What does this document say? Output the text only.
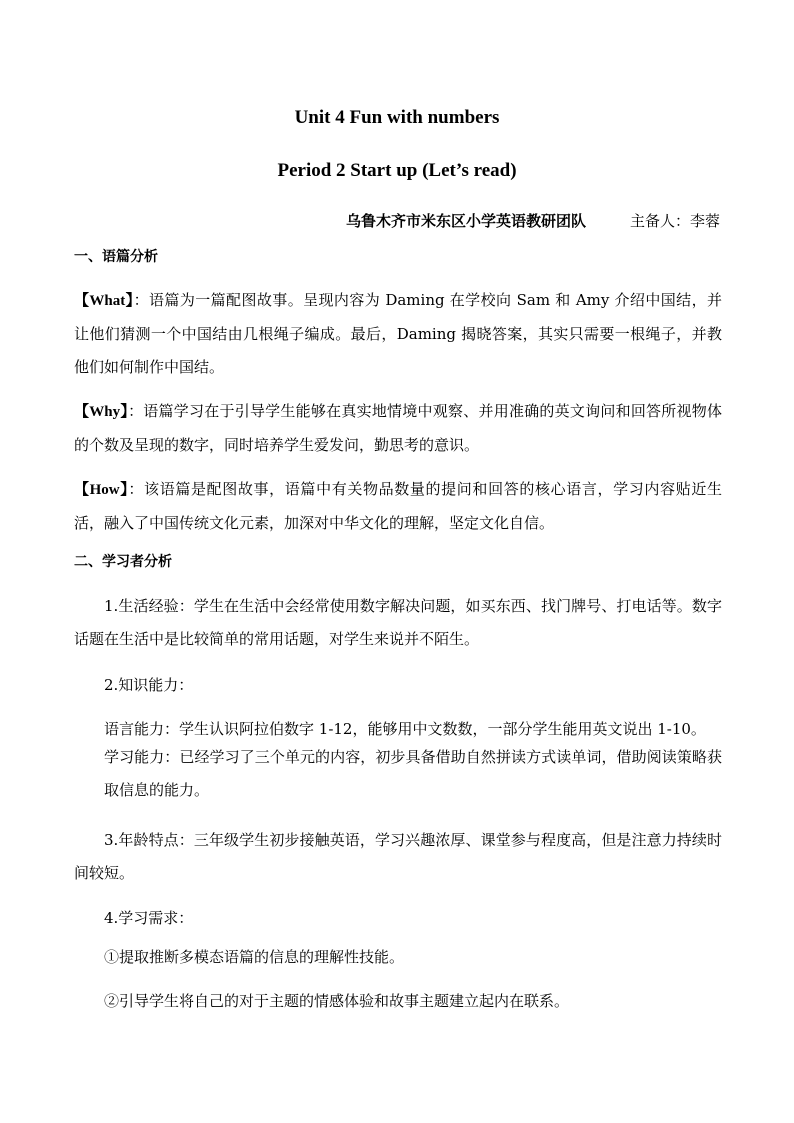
Unit 4 Fun with numbers
Period 2 Start up (Let’s read)
乌鲁木齐市米东区小学英语教研团队	主备人：李蓉
一、语篇分析

【What】：语篇为一篇配图故事。呈现内容为 Daming 在学校向 Sam 和 Amy 介绍中国结，并让他们猜测一个中国结由几根绳子编成。最后，Daming 揭晓答案，其实只需要一根绳子，并教他们如何制作中国结。

【Why】：语篇学习在于引导学生能够在真实地情境中观察、并用准确的英文询问和回答所视物体的个数及呈现的数字，同时培养学生爱发问，勤思考的意识。

【How】：该语篇是配图故事，语篇中有关物品数量的提问和回答的核心语言，学习内容贴近生活，融入了中国传统文化元素，加深对中华文化的理解，坚定文化自信。

二、学习者分析

1.生活经验：学生在生活中会经常使用数字解决问题，如买东西、找门牌号、打电话等。数字话题在生活中是比较简单的常用话题，对学生来说并不陌生。

2.知识能力：

语言能力：学生认识阿拉伯数字 1-12，能够用中文数数，一部分学生能用英文说出 1-10。

学习能力：已经学习了三个单元的内容，初步具备借助自然拼读方式读单词，借助阅读策略获取信息的能力。

3.年龄特点：三年级学生初步接触英语，学习兴趣浓厚、课堂参与程度高，但是注意力持续时间较短。

4.学习需求：

①提取推断多模态语篇的信息的理解性技能。

②引导学生将自己的对于主题的情感体验和故事主题建立起内在联系。
